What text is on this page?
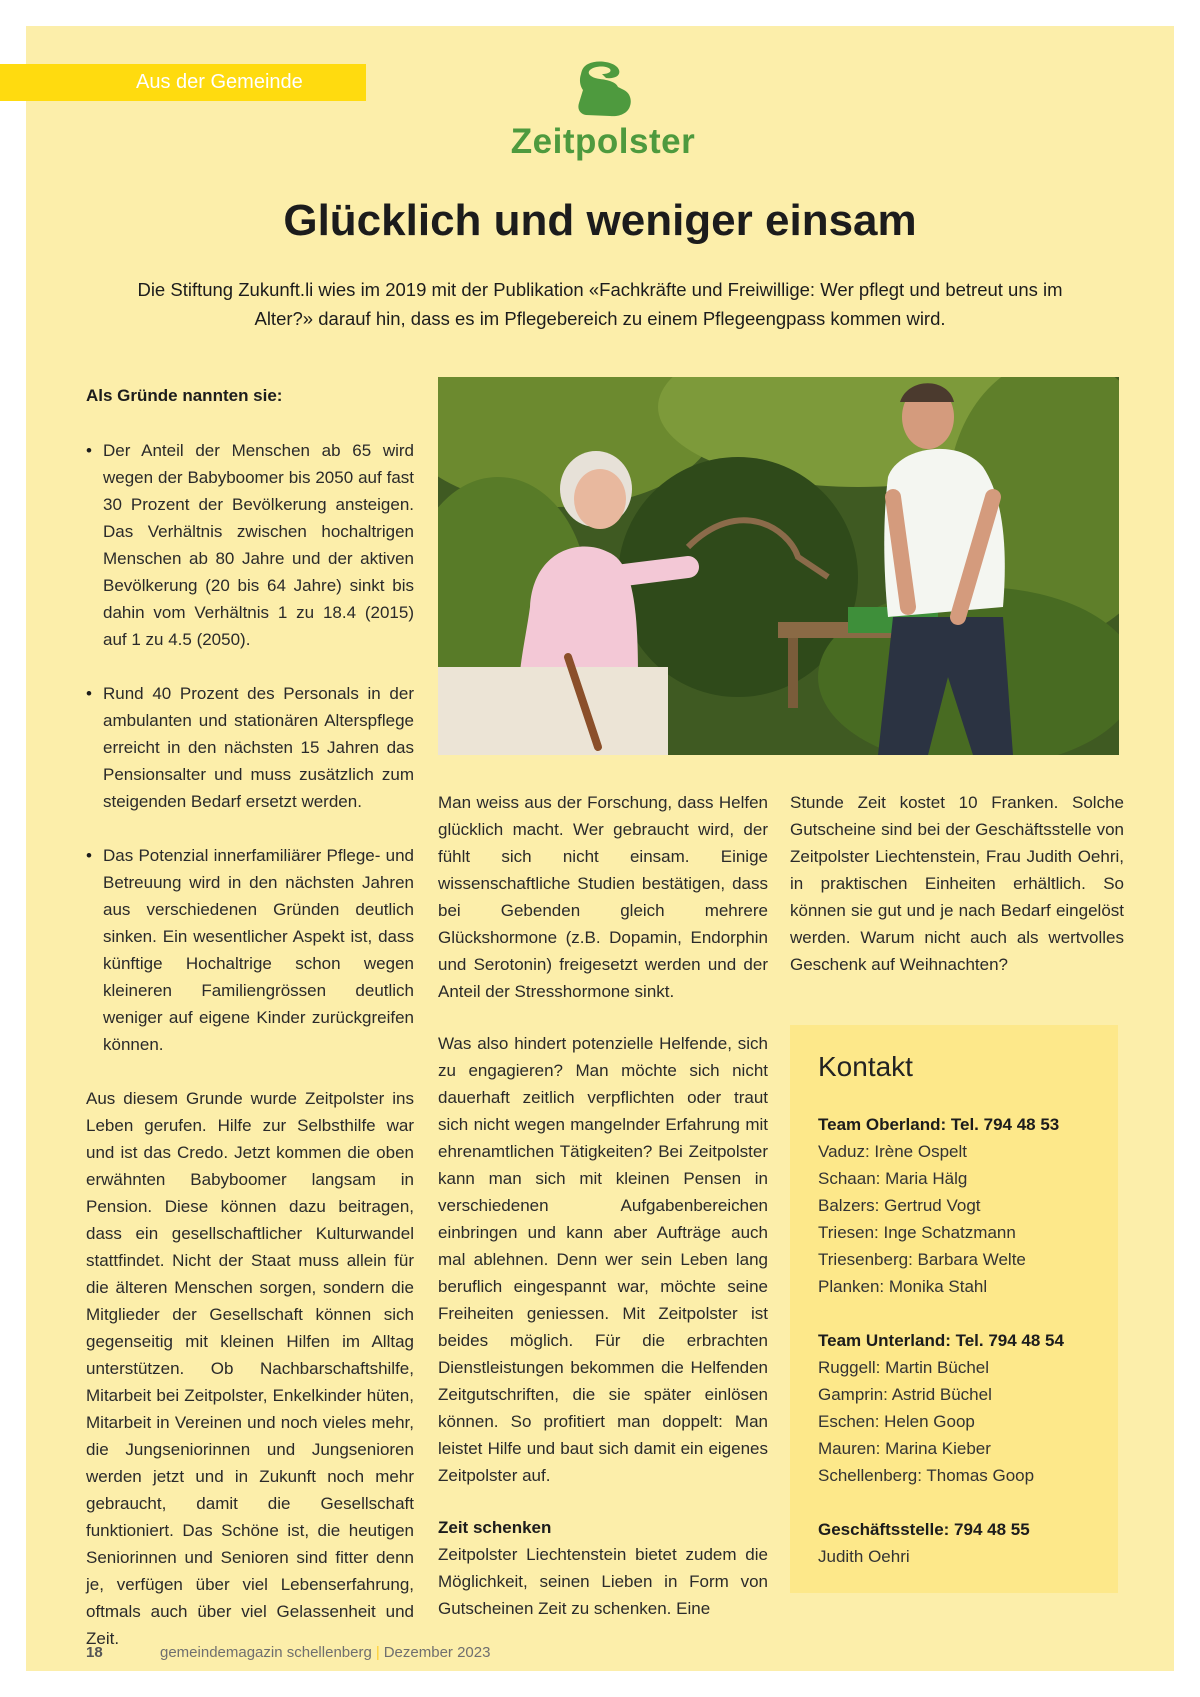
Aus der Gemeinde
Zeitpolster
Glücklich und weniger einsam

Die Stiftung Zukunft.li wies im 2019 mit der Publikation «Fachkräfte und Freiwillige: Wer pflegt und betreut uns im Alter?» darauf hin, dass es im Pflegebereich zu einem Pflegeengpass kommen wird.

Als Gründe nannten sie:

• Der Anteil der Menschen ab 65 wird wegen der Babyboomer bis 2050 auf fast 30 Prozent der Bevölkerung ansteigen. Das Verhältnis zwischen hochaltrigen Menschen ab 80 Jahre und der aktiven Bevölkerung (20 bis 64 Jahre) sinkt bis dahin vom Verhältnis 1 zu 18.4 (2015) auf 1 zu 4.5 (2050).
• Rund 40 Prozent des Personals in der ambulanten und stationären Alterspflege erreicht in den nächsten 15 Jahren das Pensionsalter und muss zusätzlich zum steigenden Bedarf ersetzt werden.
• Das Potenzial innerfamiliärer Pflege- und Betreuung wird in den nächsten Jahren aus verschiedenen Gründen deutlich sinken. Ein wesentlicher Aspekt ist, dass künftige Hochaltrige schon wegen kleineren Familiengrössen deutlich weniger auf eigene Kinder zurückgreifen können.

Aus diesem Grunde wurde Zeitpolster ins Leben gerufen. Hilfe zur Selbsthilfe war und ist das Credo. Jetzt kommen die oben erwähnten Babyboomer langsam in Pension. Diese können dazu beitragen, dass ein gesellschaftlicher Kulturwandel stattfindet. Nicht der Staat muss allein für die älteren Menschen sorgen, sondern die Mitglieder der Gesellschaft können sich gegenseitig mit kleinen Hilfen im Alltag unterstützen. Ob Nachbarschaftshilfe, Mitarbeit bei Zeitpolster, Enkelkinder hüten, Mitarbeit in Vereinen und noch vieles mehr, die Jungseniorinnen und Jungsenioren werden jetzt und in Zukunft noch mehr gebraucht, damit die Gesellschaft funktioniert. Das Schöne ist, die heutigen Seniorinnen und Senioren sind fitter denn je, verfügen über viel Lebenserfahrung, oftmals auch über viel Gelassenheit und Zeit.

Man weiss aus der Forschung, dass Helfen glücklich macht. Wer gebraucht wird, der fühlt sich nicht einsam. Einige wissenschaftliche Studien bestätigen, dass bei Gebenden gleich mehrere Glückshormone (z.B. Dopamin, Endorphin und Serotonin) freigesetzt werden und der Anteil der Stresshormone sinkt.

Was also hindert potenzielle Helfende, sich zu engagieren? Man möchte sich nicht dauerhaft zeitlich verpflichten oder traut sich nicht wegen mangelnder Erfahrung mit ehrenamtlichen Tätigkeiten? Bei Zeitpolster kann man sich mit kleinen Pensen in verschiedenen Aufgabenbereichen einbringen und kann aber Aufträge auch mal ablehnen. Denn wer sein Leben lang beruflich eingespannt war, möchte seine Freiheiten geniessen. Mit Zeitpolster ist beides möglich. Für die erbrachten Dienstleistungen bekommen die Helfenden Zeitgutschriften, die sie später einlösen können. So profitiert man doppelt: Man leistet Hilfe und baut sich damit ein eigenes Zeitpolster auf.

Zeit schenken

Zeitpolster Liechtenstein bietet zudem die Möglichkeit, seinen Lieben in Form von Gutscheinen Zeit zu schenken. Eine

Stunde Zeit kostet 10 Franken. Solche Gutscheine sind bei der Geschäftsstelle von Zeitpolster Liechtenstein, Frau Judith Oehri, in praktischen Einheiten erhältlich. So können sie gut und je nach Bedarf eingelöst werden. Warum nicht auch als wertvolles Geschenk auf Weihnachten?

Kontakt
Team Oberland: Tel. 794 48 53
Vaduz: Irène Ospelt
Schaan: Maria Hälg
Balzers: Gertrud Vogt
Triesen: Inge Schatzmann
Triesenberg: Barbara Welte
Planken: Monika Stahl
Team Unterland: Tel. 794 48 54
Ruggell: Martin Büchel
Gamprin: Astrid Büchel
Eschen: Helen Goop
Mauren: Marina Kieber
Schellenberg: Thomas Goop
Geschäftsstelle: 794 48 55
Judith Oehri
18	gemeindemagazin schellenberg | Dezember 2023
